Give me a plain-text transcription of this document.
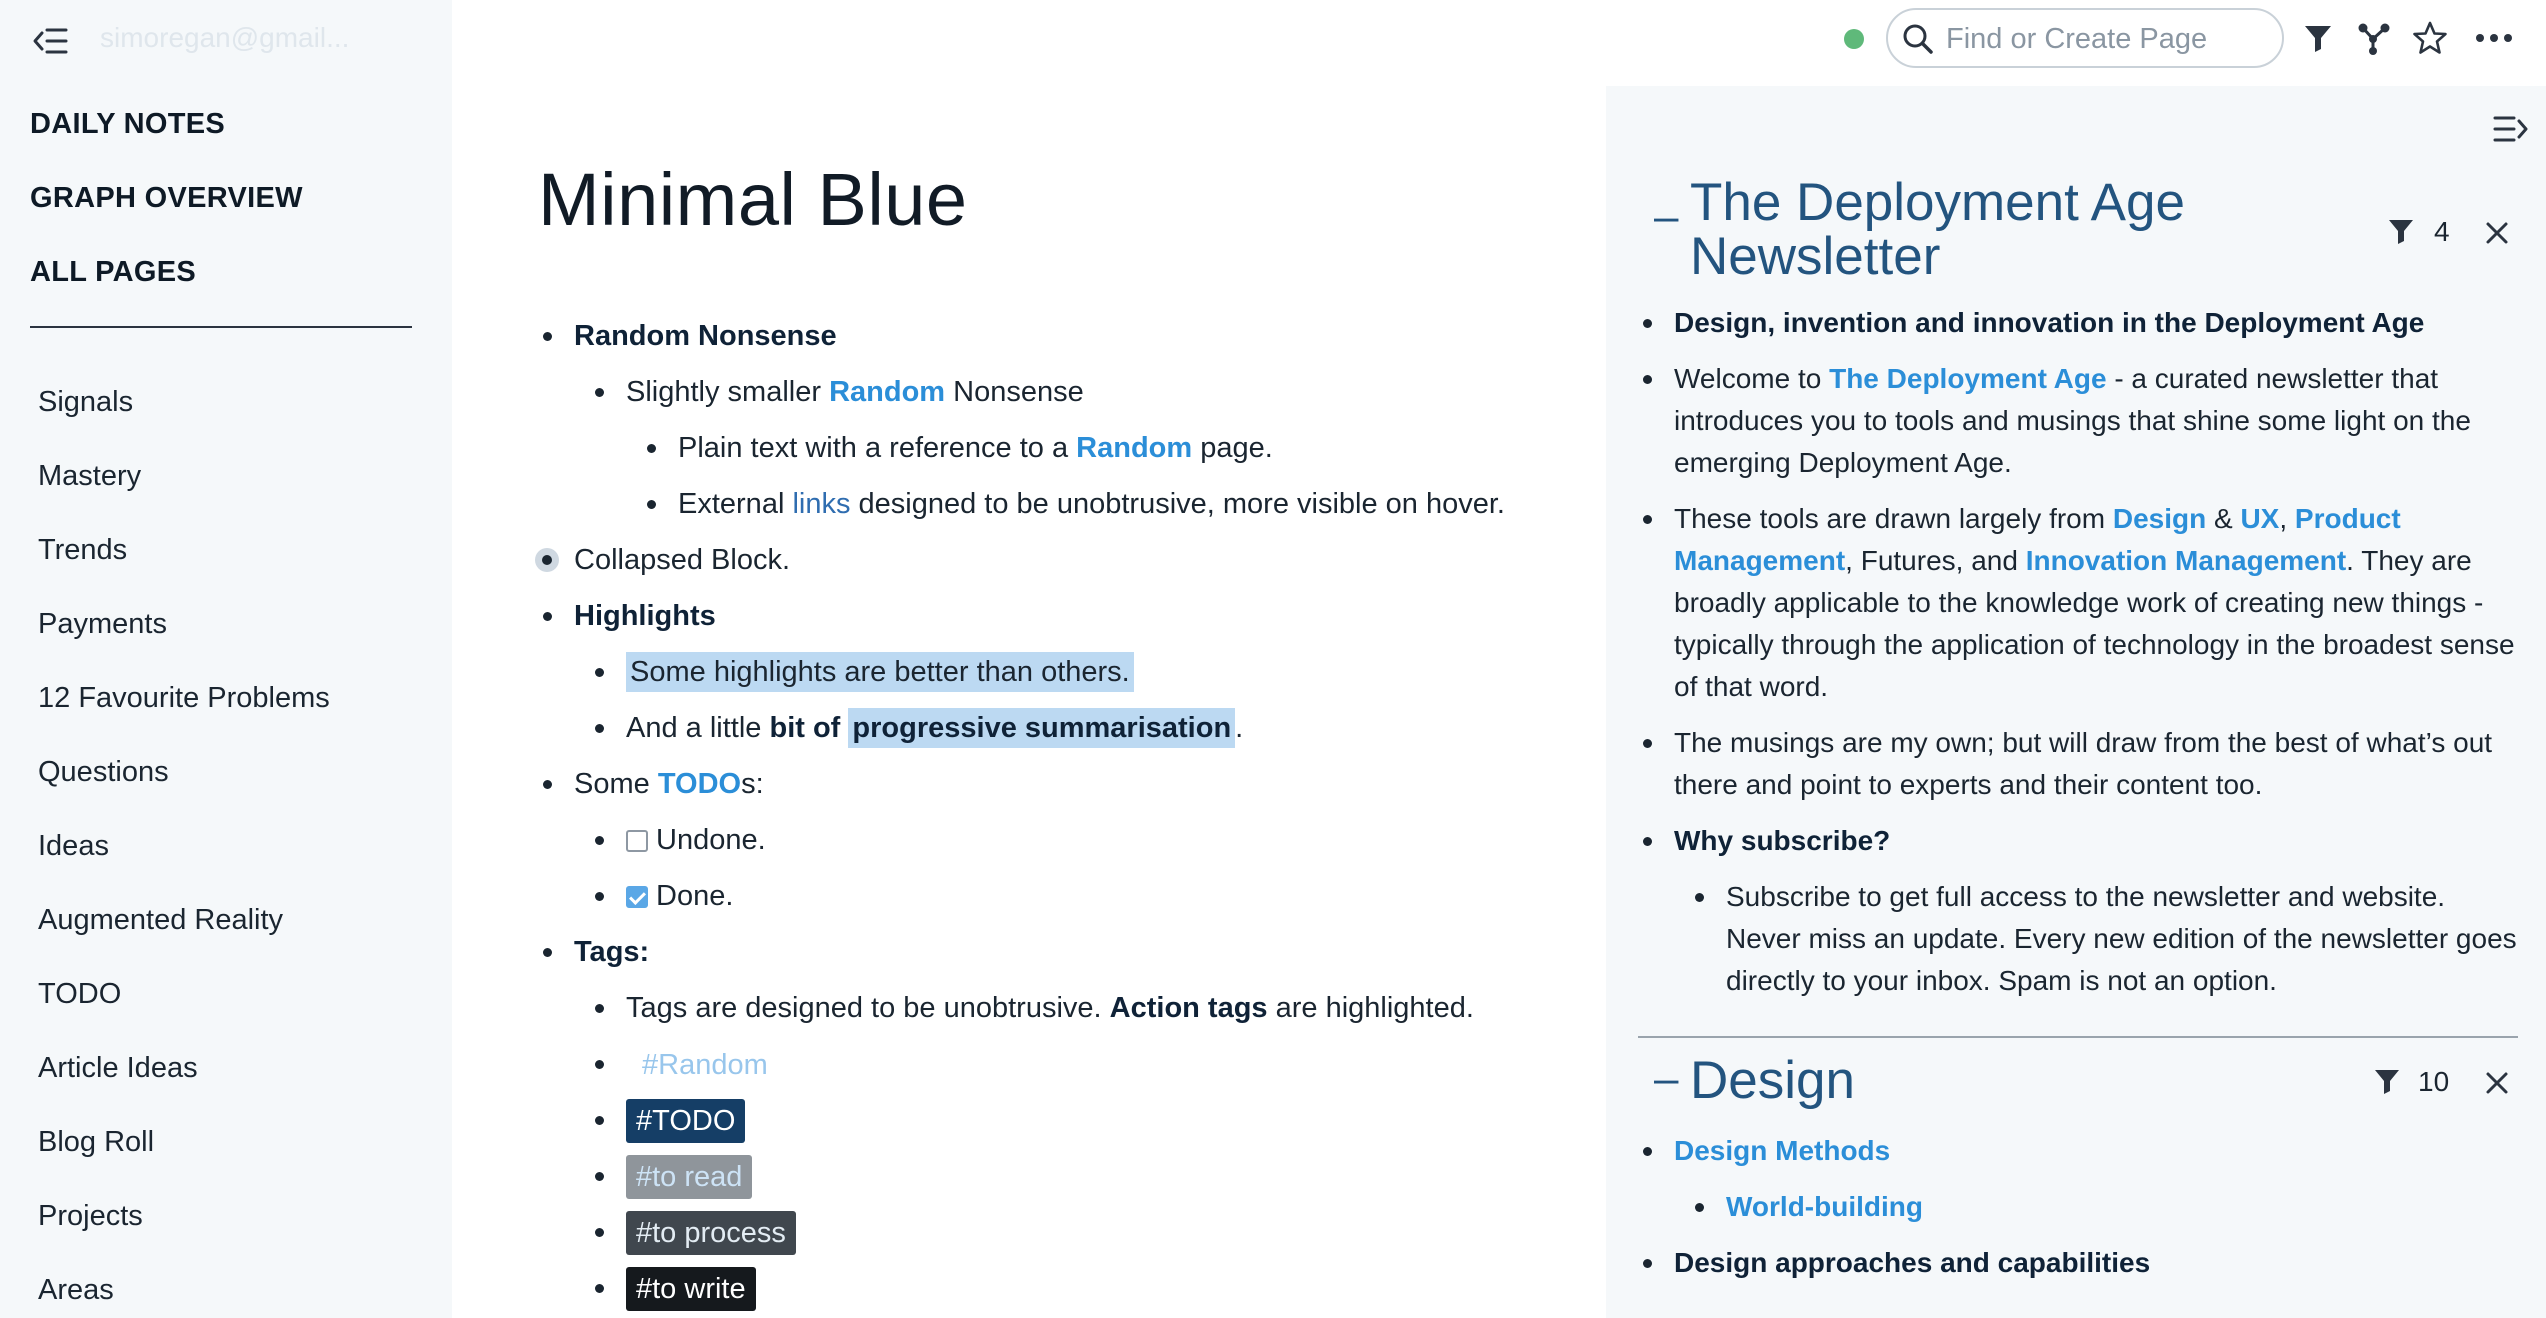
simoregan@gmail...
DAILY NOTES
GRAPH OVERVIEW
ALL PAGES
Signals
Mastery
Trends
Payments
12 Favourite Problems
Questions
Ideas
Augmented Reality
TODO
Article Ideas
Blog Roll
Projects
Areas
Find or Create Page
Minimal Blue
Random Nonsense
Slightly smaller Random Nonsense
Plain text with a reference to a Random page.
External links designed to be unobtrusive, more visible on hover.
Collapsed Block.
Highlights
Some highlights are better than others.
And a little bit of progressive summarisation .
Some TODOs:
Undone.
Done.
Tags:
Tags are designed to be unobtrusive. Action tags are highlighted.
#Random
#TODO
#to read
#to process
#to write
– The Deployment Age
Newsletter	4
Design, invention and innovation in the Deployment Age
Welcome to The Deployment Age - a curated newsletter that introduces you to tools and musings that shine some light on the emerging Deployment Age.
These tools are drawn largely from Design & UX, Product Management, Futures, and Innovation Management. They are broadly applicable to the knowledge work of creating new things - typically through the application of technology in the broadest sense of that word.
The musings are my own; but will draw from the best of what’s out there and point to experts and their content too.
Why subscribe?
Subscribe to get full access to the newsletter and website. Never miss an update. Every new edition of the newsletter goes directly to your inbox. Spam is not an option.
– Design	10
Design Methods
World-building
Design approaches and capabilities
